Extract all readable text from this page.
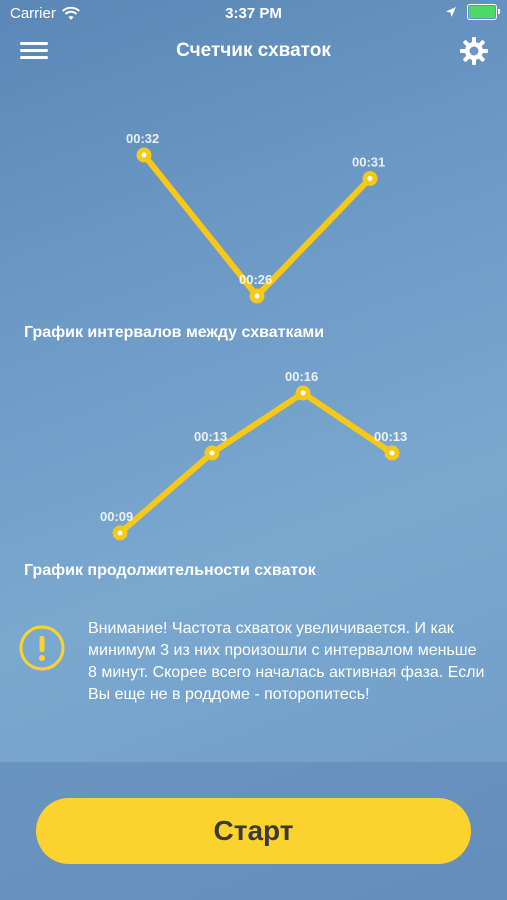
Carrier	3:37 PM
Счетчик схваток
00:32
00:26
00:31
00:09
00:13
00:16
00:13
График интервалов между схватками
График продолжительности схваток
Внимание! Частота схваток увеличивается. И как минимум 3 из них произошли с интервалом меньше 8 минут. Скорее всего началась активная фаза. Если Вы еще не в роддоме - поторопитесь!
Старт
